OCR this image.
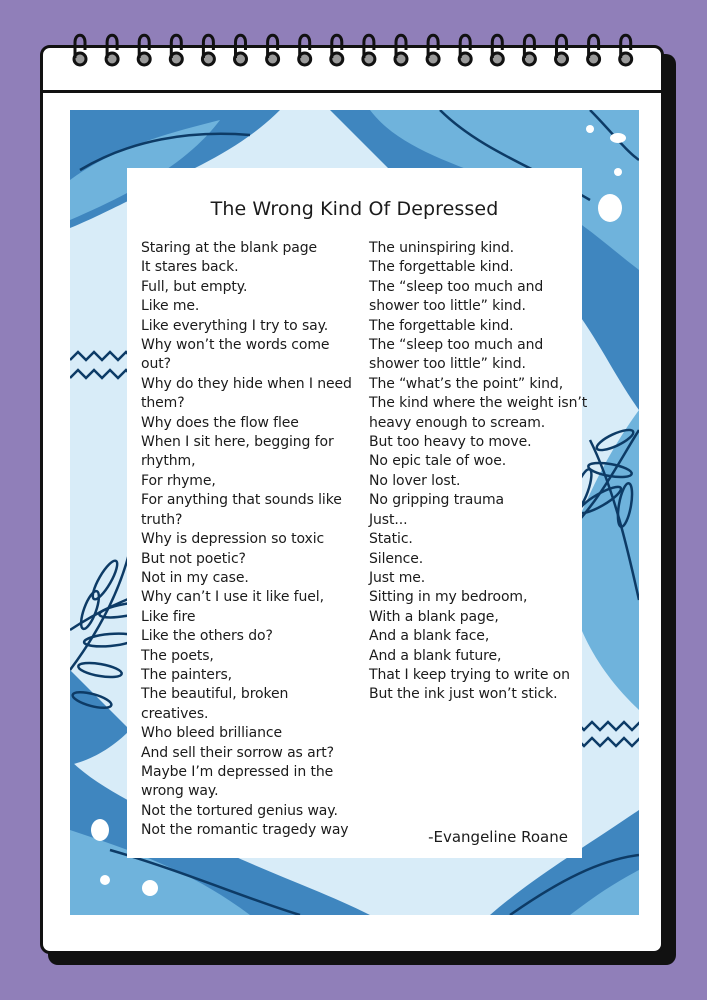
The Wrong Kind Of Depressed
Staring at the blank page
It stares back.
Full, but empty.
Like me.
Like everything I try to say.
Why won’t the words come
out?
Why do they hide when I need
them?
Why does the flow flee
When I sit here, begging for
rhythm,
For rhyme,
For anything that sounds like
truth?
Why is depression so toxic
But not poetic?
Not in my case.
Why can’t I use it like fuel,
Like fire
Like the others do?
The poets,
The painters,
The beautiful, broken
creatives.
Who bleed brilliance
And sell their sorrow as art?
Maybe I’m depressed in the
wrong way.
Not the tortured genius way.
Not the romantic tragedy way
The uninspiring kind.
The forgettable kind.
The “sleep too much and
shower too little” kind.
The forgettable kind.
The “sleep too much and
shower too little” kind.
The “what’s the point” kind,
The kind where the weight isn’t
heavy enough to scream.
But too heavy to move.
No epic tale of woe.
No lover lost.
No gripping trauma
Just...
Static.
Silence.
Just me.
Sitting in my bedroom,
With a blank page,
And a blank face,
And a blank future,
That I keep trying to write on
But the ink just won’t stick.
-Evangeline Roane
